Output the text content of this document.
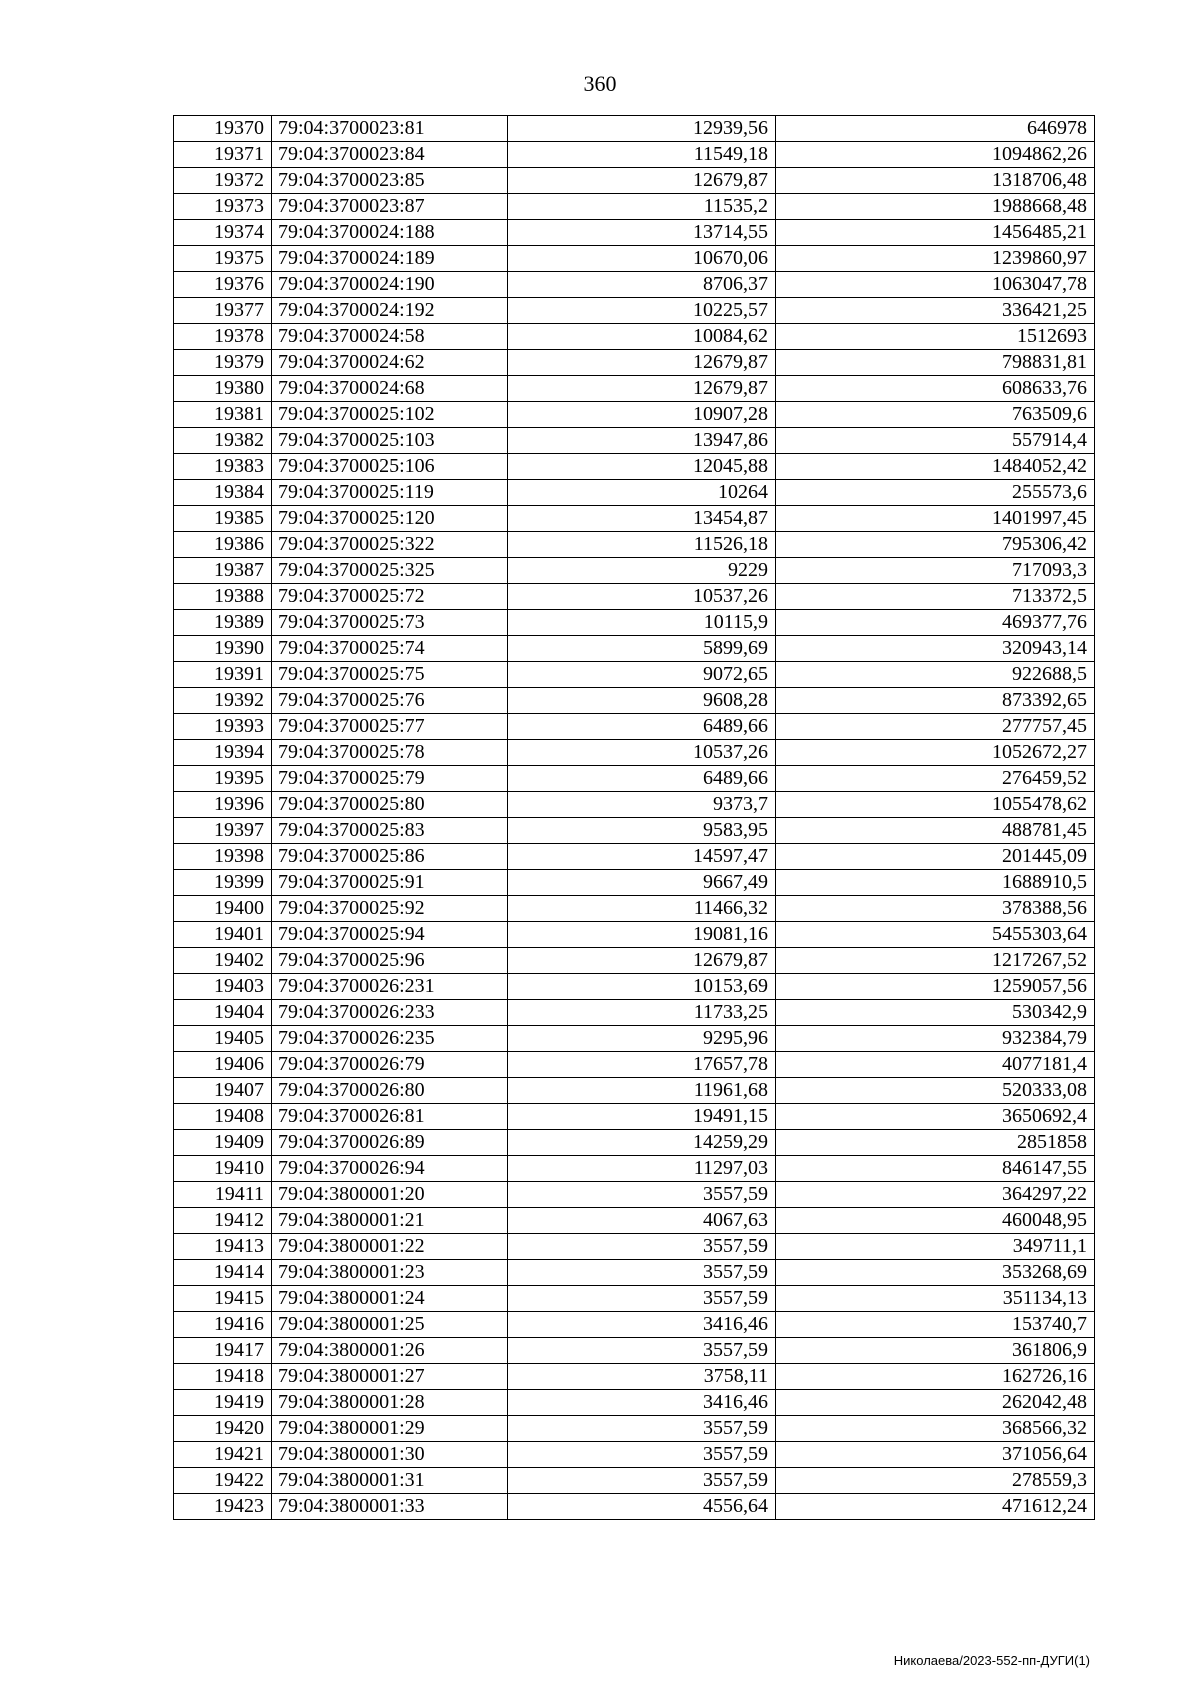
360
19370	79:04:3700023:81	12939,56	646978
19371	79:04:3700023:84	11549,18	1094862,26
19372	79:04:3700023:85	12679,87	1318706,48
19373	79:04:3700023:87	11535,2	1988668,48
19374	79:04:3700024:188	13714,55	1456485,21
19375	79:04:3700024:189	10670,06	1239860,97
19376	79:04:3700024:190	8706,37	1063047,78
19377	79:04:3700024:192	10225,57	336421,25
19378	79:04:3700024:58	10084,62	1512693
19379	79:04:3700024:62	12679,87	798831,81
19380	79:04:3700024:68	12679,87	608633,76
19381	79:04:3700025:102	10907,28	763509,6
19382	79:04:3700025:103	13947,86	557914,4
19383	79:04:3700025:106	12045,88	1484052,42
19384	79:04:3700025:119	10264	255573,6
19385	79:04:3700025:120	13454,87	1401997,45
19386	79:04:3700025:322	11526,18	795306,42
19387	79:04:3700025:325	9229	717093,3
19388	79:04:3700025:72	10537,26	713372,5
19389	79:04:3700025:73	10115,9	469377,76
19390	79:04:3700025:74	5899,69	320943,14
19391	79:04:3700025:75	9072,65	922688,5
19392	79:04:3700025:76	9608,28	873392,65
19393	79:04:3700025:77	6489,66	277757,45
19394	79:04:3700025:78	10537,26	1052672,27
19395	79:04:3700025:79	6489,66	276459,52
19396	79:04:3700025:80	9373,7	1055478,62
19397	79:04:3700025:83	9583,95	488781,45
19398	79:04:3700025:86	14597,47	201445,09
19399	79:04:3700025:91	9667,49	1688910,5
19400	79:04:3700025:92	11466,32	378388,56
19401	79:04:3700025:94	19081,16	5455303,64
19402	79:04:3700025:96	12679,87	1217267,52
19403	79:04:3700026:231	10153,69	1259057,56
19404	79:04:3700026:233	11733,25	530342,9
19405	79:04:3700026:235	9295,96	932384,79
19406	79:04:3700026:79	17657,78	4077181,4
19407	79:04:3700026:80	11961,68	520333,08
19408	79:04:3700026:81	19491,15	3650692,4
19409	79:04:3700026:89	14259,29	2851858
19410	79:04:3700026:94	11297,03	846147,55
19411	79:04:3800001:20	3557,59	364297,22
19412	79:04:3800001:21	4067,63	460048,95
19413	79:04:3800001:22	3557,59	349711,1
19414	79:04:3800001:23	3557,59	353268,69
19415	79:04:3800001:24	3557,59	351134,13
19416	79:04:3800001:25	3416,46	153740,7
19417	79:04:3800001:26	3557,59	361806,9
19418	79:04:3800001:27	3758,11	162726,16
19419	79:04:3800001:28	3416,46	262042,48
19420	79:04:3800001:29	3557,59	368566,32
19421	79:04:3800001:30	3557,59	371056,64
19422	79:04:3800001:31	3557,59	278559,3
19423	79:04:3800001:33	4556,64	471612,24
Николаева/2023-552-пп-ДУГИ(1)
